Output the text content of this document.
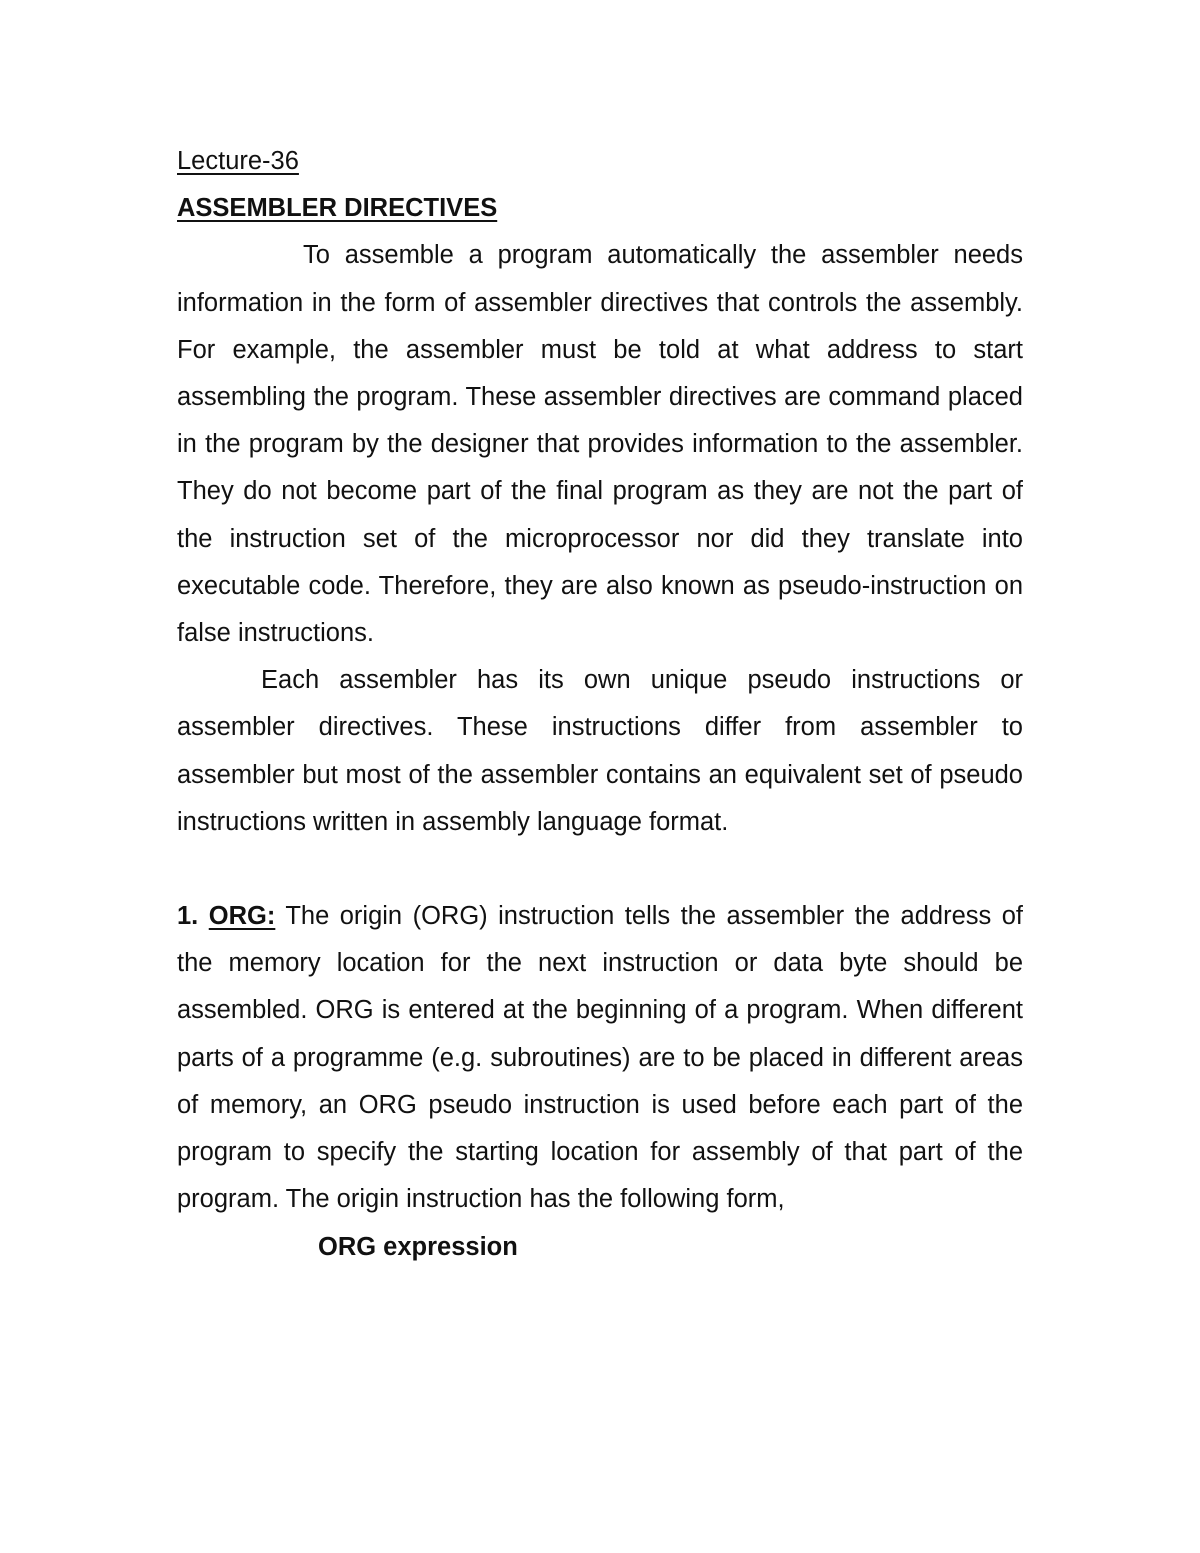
Lecture-36
ASSEMBLER DIRECTIVES

To assemble a program automatically the assembler needs information in the form of assembler directives that controls the assembly. For example, the assembler must be told at what address to start assembling the program. These assembler directives are command placed in the program by the designer that provides information to the assembler. They do not become part of the final program as they are not the part of the instruction set of the microprocessor nor did they translate into executable code. Therefore, they are also known as pseudo-instruction on false instructions.

Each assembler has its own unique pseudo instructions or assembler directives. These instructions differ from assembler to assembler but most of the assembler contains an equivalent set of pseudo instructions written in assembly language format.

1. ORG: The origin (ORG) instruction tells the assembler the address of the memory location for the next instruction or data byte should be assembled. ORG is entered at the beginning of a program. When different parts of a programme (e.g. subroutines) are to be placed in different areas of memory, an ORG pseudo instruction is used before each part of the program to specify the starting location for assembly of that part of the program. The origin instruction has the following form,

ORG expression
